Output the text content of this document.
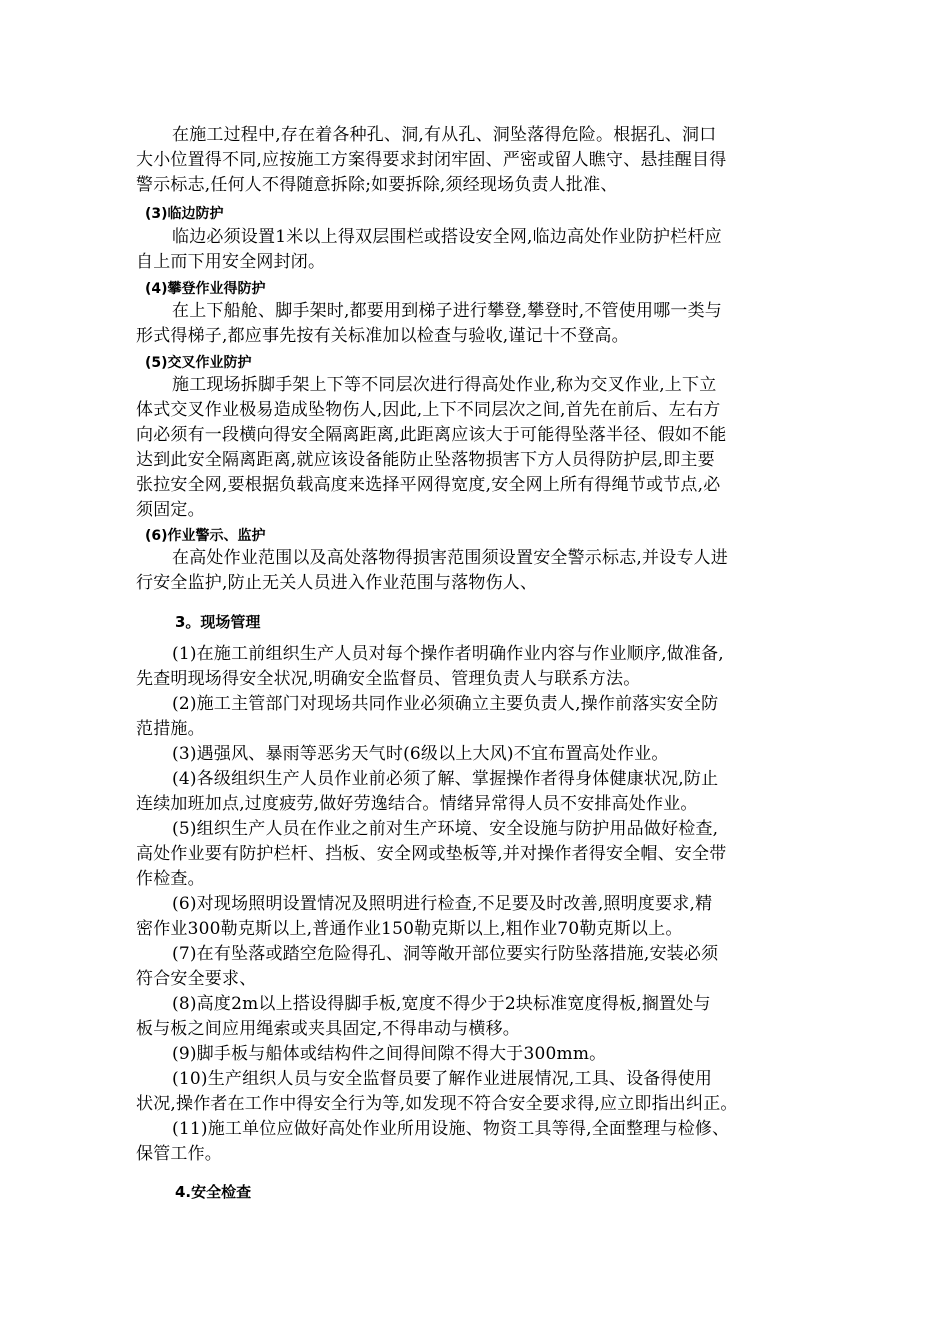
在施工过程中,存在着各种孔、洞,有从孔、洞坠落得危险。根据孔、洞口

大小位置得不同,应按施工方案得要求封闭牢固、严密或留人瞧守、悬挂醒目得

警示标志,任何人不得随意拆除;如要拆除,须经现场负责人批准、

(3)临边防护

临边必须设置1米以上得双层围栏或搭设安全网,临边高处作业防护栏杆应

自上而下用安全网封闭。

(4)攀登作业得防护

在上下船舱、脚手架时,都要用到梯子进行攀登,攀登时,不管使用哪一类与

形式得梯子,都应事先按有关标准加以检查与验收,谨记十不登高。

(5)交叉作业防护

施工现场拆脚手架上下等不同层次进行得高处作业,称为交叉作业,上下立

体式交叉作业极易造成坠物伤人,因此,上下不同层次之间,首先在前后、左右方

向必须有一段横向得安全隔离距离,此距离应该大于可能得坠落半径、假如不能

达到此安全隔离距离,就应该设备能防止坠落物损害下方人员得防护层,即主要

张拉安全网,要根据负载高度来选择平网得宽度,安全网上所有得绳节或节点,必

须固定。

(6)作业警示、监护

在高处作业范围以及高处落物得损害范围须设置安全警示标志,并设专人进

行安全监护,防止无关人员进入作业范围与落物伤人、

3。现场管理

(1)在施工前组织生产人员对每个操作者明确作业内容与作业顺序,做准备,

先查明现场得安全状况,明确安全监督员、管理负责人与联系方法。

(2)施工主管部门对现场共同作业必须确立主要负责人,操作前落实安全防

范措施。

(3)遇强风、暴雨等恶劣天气时(6级以上大风)不宜布置高处作业。

(4)各级组织生产人员作业前必须了解、掌握操作者得身体健康状况,防止

连续加班加点,过度疲劳,做好劳逸结合。情绪异常得人员不安排高处作业。

(5)组织生产人员在作业之前对生产环境、安全设施与防护用品做好检查,

高处作业要有防护栏杆、挡板、安全网或垫板等,并对操作者得安全帽、安全带

作检查。

(6)对现场照明设置情况及照明进行检查,不足要及时改善,照明度要求,精

密作业300勒克斯以上,普通作业150勒克斯以上,粗作业70勒克斯以上。

(7)在有坠落或踏空危险得孔、洞等敞开部位要实行防坠落措施,安装必须

符合安全要求、

(8)高度2m以上搭设得脚手板,宽度不得少于2块标准宽度得板,搁置处与

板与板之间应用绳索或夹具固定,不得串动与横移。

(9)脚手板与船体或结构件之间得间隙不得大于300mm。

(10)生产组织人员与安全监督员要了解作业进展情况,工具、设备得使用

状况,操作者在工作中得安全行为等,如发现不符合安全要求得,应立即指出纠正。

(11)施工单位应做好高处作业所用设施、物资工具等得,全面整理与检修、

保管工作。

4.安全检查
